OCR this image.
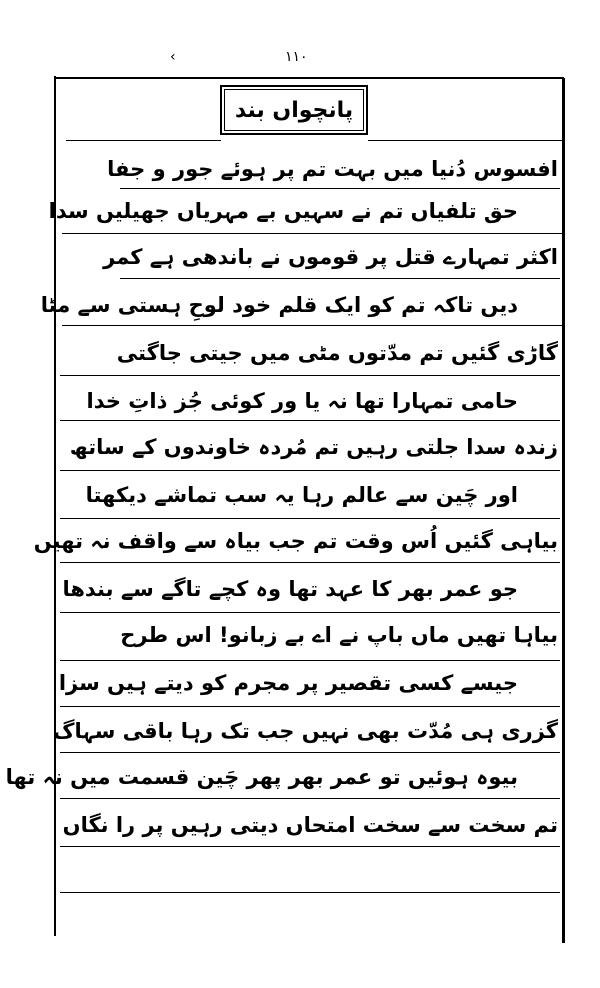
‹	۱۱۰
پانچواں بند
افسوس دُنیا میں بہت تم پر ہوئے جور و جفا
حق تلفیاں تم نے سہیں بے مہریاں جھیلیں سدا
اکثر تمہارے قتل پر قوموں نے باندھی ہے کمر
دیں تاکہ تم کو ایک قلم خود لوحِ ہستی سے مٹا
گاڑی گئیں تم مدّتوں مٹی میں جیتی جاگتی
حامی تمہارا تھا نہ یا ور کوئی جُز ذاتِ خدا
زندہ سدا جلتی رہیں تم مُردہ خاوندوں کے ساتھ
اور چَین سے عالم رہا یہ سب تماشے دیکھتا
بیاہی گئیں اُس وقت تم جب بیاہ سے واقف نہ تھیں
جو عمر بھر کا عہد تھا وہ کچے تاگے سے بندھا
بیاہا تھیں ماں باپ نے اے بے زبانو! اس طرح
جیسے کسی تقصیر پر مجرم کو دیتے ہیں سزا
گزری ہی مُدّت بھی نہیں جب تک رہا باقی سہاگ
بیوہ ہوئیں تو عمر بھر پھر چَین قسمت میں نہ تھا
تم سخت سے سخت امتحاں دیتی رہیں پر را نگاں
